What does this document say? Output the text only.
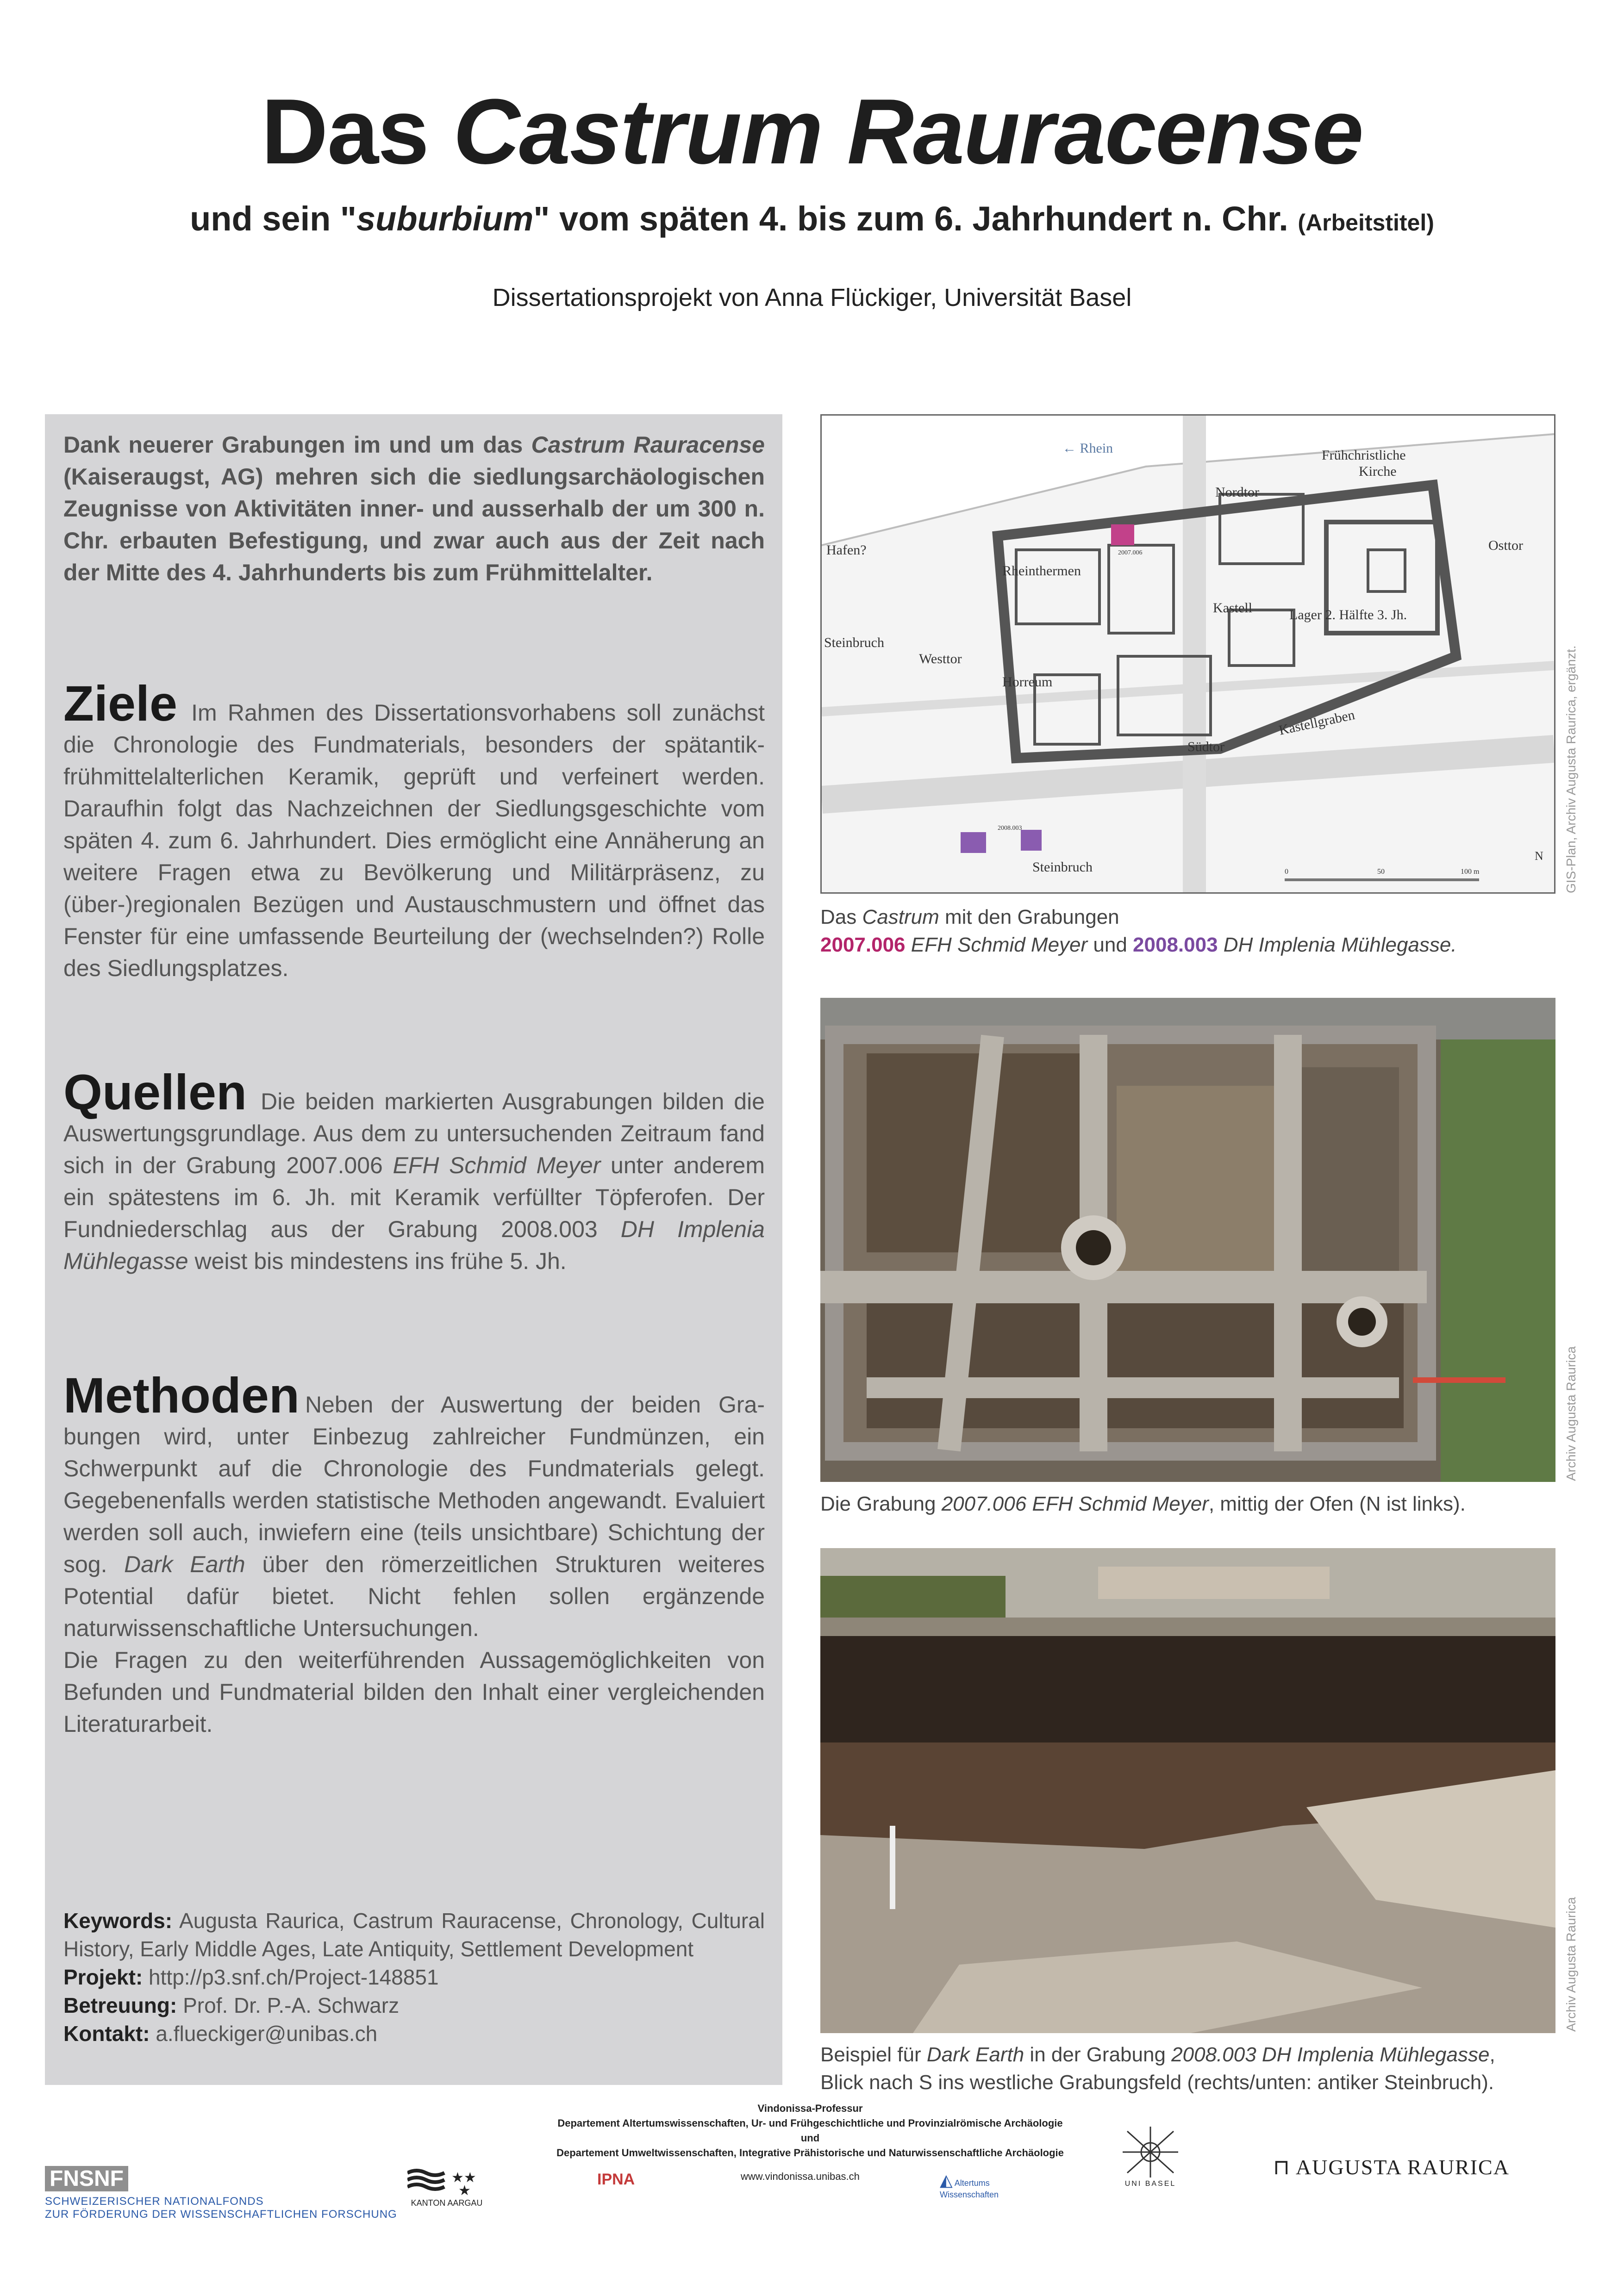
Das Castrum Rauracense
und sein "suburbium" vom späten 4. bis zum 6. Jahrhundert n. Chr. (Arbeitstitel)
Dissertationsprojekt von Anna Flückiger, Universität Basel
Dank neuerer Grabungen im und um das Castrum Rauracense (Kaiseraugst, AG) mehren sich die siedlungsarchäologischen Zeugnisse von Aktivitäten inner- und ausserhalb der um 300 n. Chr. erbauten Befestigung, und zwar auch aus der Zeit nach der Mitte des 4. Jahrhunderts bis zum Frühmittelalter.
Ziele Im Rahmen des Dissertationsvorhabens soll zunächst die Chronologie des Fundmaterials, besonders der spätantik-frühmittelalterlichen Keramik, geprüft und verfeinert werden. Daraufhin folgt das Nachzeichnen der Siedlungsgeschichte vom späten 4. zum 6. Jahrhundert. Dies ermöglicht eine Annäherung an weitere Fragen etwa zu Bevölkerung und Militärpräsenz, zu (über-)regionalen Bezügen und Austauschmustern und öffnet das Fenster für eine umfassende Beurteilung der (wechselnden?) Rolle des Siedlungsplatzes.
Quellen Die beiden markierten Ausgrabungen bilden die Auswertungsgrundlage. Aus dem zu untersuchenden Zeitraum fand sich in der Grabung 2007.006 EFH Schmid Meyer unter anderem ein spätestens im 6. Jh. mit Keramik verfüllter Töpferofen. Der Fundniederschlag aus der Grabung 2008.003 DH Implenia Mühlegasse weist bis mindestens ins frühe 5. Jh.
Methoden Neben der Auswertung der beiden Grabungen wird, unter Einbezug zahlreicher Fundmünzen, ein Schwerpunkt auf die Chronologie des Fundmaterials gelegt. Gegebenenfalls werden statistische Methoden angewandt. Evaluiert werden soll auch, inwiefern eine (teils unsichtbare) Schichtung der sog. Dark Earth über den römerzeitlichen Strukturen weiteres Potential dafür bietet. Nicht fehlen sollen ergänzende naturwissenschaftliche Untersuchungen.
Die Fragen zu den weiterführenden Aussagemöglichkeiten von Befunden und Fundmaterial bilden den Inhalt einer vergleichenden Literaturarbeit.
Keywords: Augusta Raurica, Castrum Rauracense, Chronology, Cultural History, Early Middle Ages, Late Antiquity, Settlement Development
Projekt: http://p3.snf.ch/Project-148851
Betreuung: Prof. Dr. P.-A. Schwarz
Kontakt: a.flueckiger@unibas.ch
← Rhein	Frühchristliche
Kirche
Nordtor
Osttor
Hafen?
Rheinthermen
Kastell	Lager 2. Hälfte 3. Jh.
Steinbruch
Westtor
Horreum
Kastellgraben
Südtor
Steinbruch
2008.003
2007.006
0	50	100 m
N GIS-Plan, Archiv Augusta Raurica, ergänzt.
Das Castrum mit den Grabungen
2007.006 EFH Schmid Meyer und 2008.003 DH Implenia Mühlegasse.
Archiv Augusta Raurica
Die Grabung 2007.006 EFH Schmid Meyer, mittig der Ofen (N ist links).
Archiv Augusta Raurica
Beispiel für Dark Earth in der Grabung 2008.003 DH Implenia Mühlegasse,
Blick nach S ins westliche Grabungsfeld (rechts/unten: antiker Steinbruch).
FNSNF
SCHWEIZERISCHER NATIONALFONDS
ZUR FÖRDERUNG DER WISSENSCHAFTLICHEN FORSCHUNG
★★
★
KANTON AARGAU
Vindonissa-Professur
Departement Altertumswissenschaften, Ur- und Frühgeschichtliche und Provinzialrömische Archäologie
und
Departement Umweltwissenschaften, Integrative Prähistorische und Naturwissenschaftliche Archäologie
IPNA	www.vindonissa.unibas.ch	◭ Altertums Wissenschaften
UNI BASEL
⊓ AUGUSTA RAURICA
